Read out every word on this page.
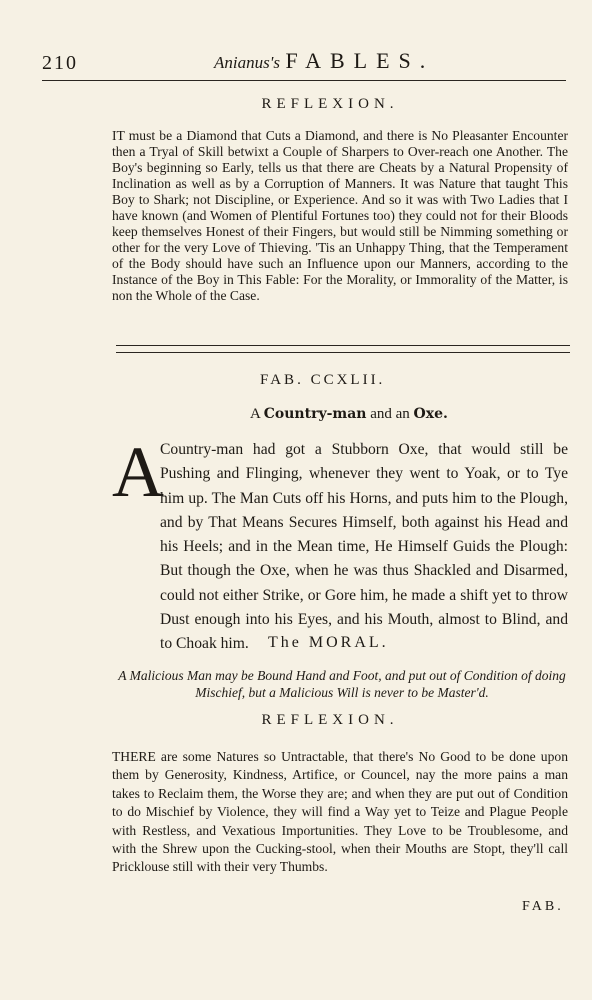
210	Anianus's FABLES.
REFLEXION.

IT must be a Diamond that Cuts a Diamond, and there is No Pleasanter Encounter then a Tryal of Skill betwixt a Couple of Sharpers to Over-reach one Another. The Boy's beginning so Early, tells us that there are Cheats by a Natural Propensity of Inclination as well as by a Corruption of Manners. It was Nature that taught This Boy to Shark; not Discipline, or Experience. And so it was with Two Ladies that I have known (and Women of Plentiful Fortunes too) they could not for their Bloods keep themselves Honest of their Fingers, but would still be Nimming something or other for the very Love of Thieving. 'Tis an Unhappy Thing, that the Temperament of the Body should have such an Influence upon our Manners, according to the Instance of the Boy in This Fable: For the Morality, or Immorality of the Matter, is non the Whole of the Case.

FAB. CCXLII.
A Country-man and an Oxe.
A

Country-man had got a Stubborn Oxe, that would still be Pushing and Flinging, whenever they went to Yoak, or to Tye him up. The Man Cuts off his Horns, and puts him to the Plough, and by That Means Secures Himself, both against his Head and his Heels; and in the Mean time, He Himself Guids the Plough: But though the Oxe, when he was thus Shackled and Disarmed, could not either Strike, or Gore him, he made a shift yet to throw Dust enough into his Eyes, and his Mouth, almost to Blind, and to Choak him.	The MORAL.

A Malicious Man may be Bound Hand and Foot, and put out of Condition of doing Mischief, but a Malicious Will is never to be Master'd.

REFLEXION.

THERE are some Natures so Untractable, that there's No Good to be done upon them by Generosity, Kindness, Artifice, or Councel, nay the more pains a man takes to Reclaim them, the Worse they are; and when they are put out of Condition to do Mischief by Violence, they will find a Way yet to Teize and Plague People with Restless, and Vexatious Importunities. They Love to be Troublesome, and with the Shrew upon the Cucking-stool, when their Mouths are Stopt, they'll call Pricklouse still with their very Thumbs.

FAB.
